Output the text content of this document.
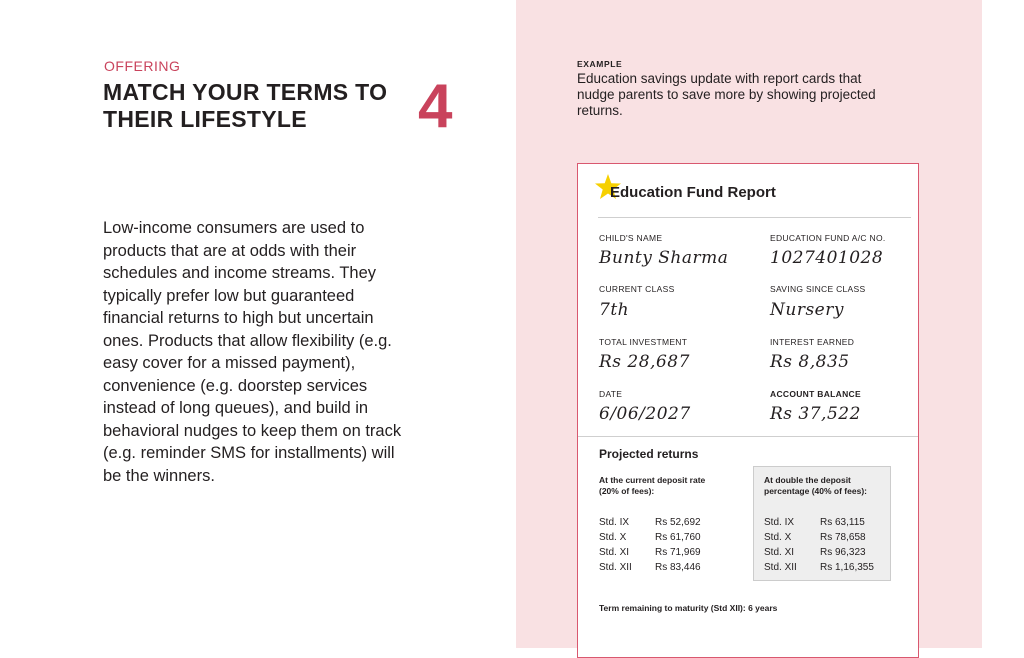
OFFERING
MATCH YOUR TERMS TO
THEIR LIFESTYLE	4
Low-income consumers are used to products that are at odds with their schedules and income streams. They typically prefer low but guaranteed financial returns to high but uncertain ones. Products that allow flexibility (e.g. easy cover for a missed payment), convenience (e.g. doorstep services instead of long queues), and build in behavioral nudges to keep them on track (e.g. reminder SMS for installments) will be the winners.
EXAMPLE
Education savings update with report cards that nudge parents to save more by showing projected returns.
Education Fund Report
CHILD'S NAME
Bunty Sharma
EDUCATION FUND A/C NO.
1027401028
CURRENT CLASS
7th
SAVING SINCE CLASS
Nursery
TOTAL INVESTMENT
Rs 28,687
INTEREST EARNED
Rs 8,835
DATE
6/06/2027
ACCOUNT BALANCE
Rs 37,522
Projected returns
At the current deposit rate
(20% of fees):
Std. IX	Rs 52,692
Std. X	Rs 61,760
Std. XI	Rs 71,969
Std. XII Rs 83,446
At double the deposit
percentage (40% of fees):
Std. IX	Rs 63,115
Std. X	Rs 78,658
Std. XI	Rs 96,323
Std. XII Rs 1,16,355
Term remaining to maturity (Std XII): 6 years
